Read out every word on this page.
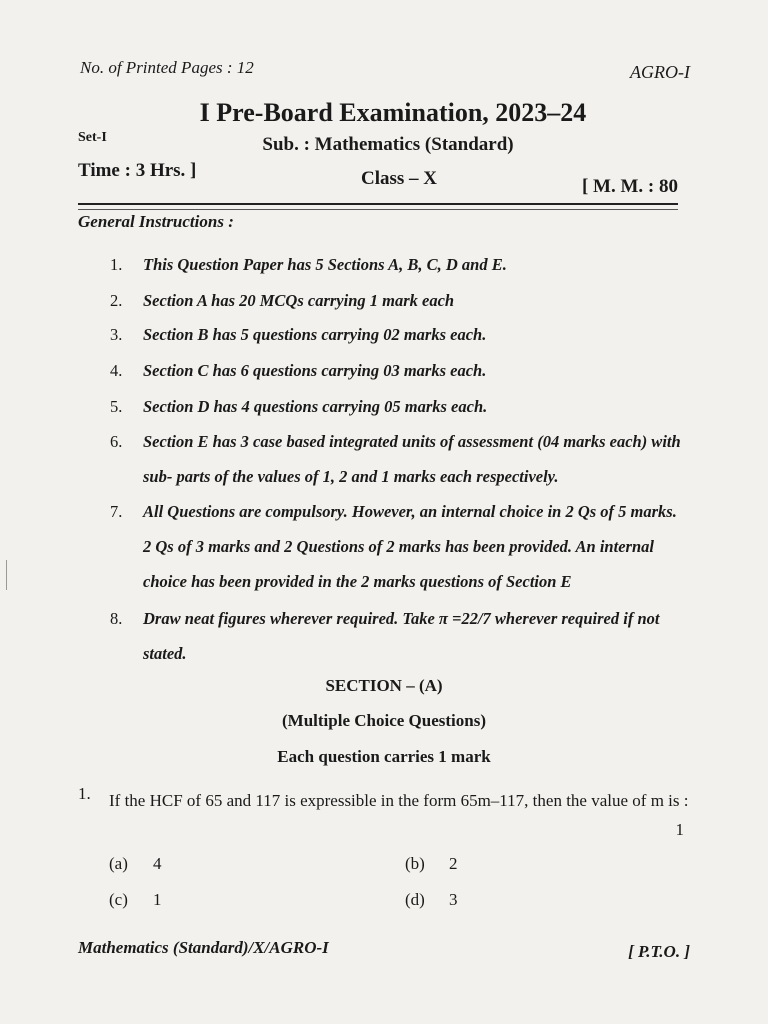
No. of Printed Pages : 12	AGRO-I
I Pre-Board Examination, 2023–24
Set-I	Sub. : Mathematics (Standard)
Time : 3 Hrs. ]	Class – X	[ M. M. : 80
General Instructions :
1. This Question Paper has 5 Sections A, B, C, D and E.
2. Section A has 20 MCQs carrying 1 mark each
3. Section B has 5 questions carrying 02 marks each.
4. Section C has 6 questions carrying 03 marks each.
5. Section D has 4 questions carrying 05 marks each.
6. Section E has 3 case based integrated units of assessment (04 marks each) with sub- parts of the values of 1, 2 and 1 marks each respectively.
7. All Questions are compulsory. However, an internal choice in 2 Qs of 5 marks. 2 Qs of 3 marks and 2 Questions of 2 marks has been provided. An internal choice has been provided in the 2 marks questions of Section E
8. Draw neat figures wherever required. Take π =22/7 wherever required if not stated.
SECTION – (A)
(Multiple Choice Questions)
Each question carries 1 mark
1. If the HCF of 65 and 117 is expressible in the form 65m–117, then the value of m is :
1
(a) 4	(b) 2
(c) 1	(d) 3
Mathematics (Standard)/X/AGRO-I	[ P.T.O. ]
